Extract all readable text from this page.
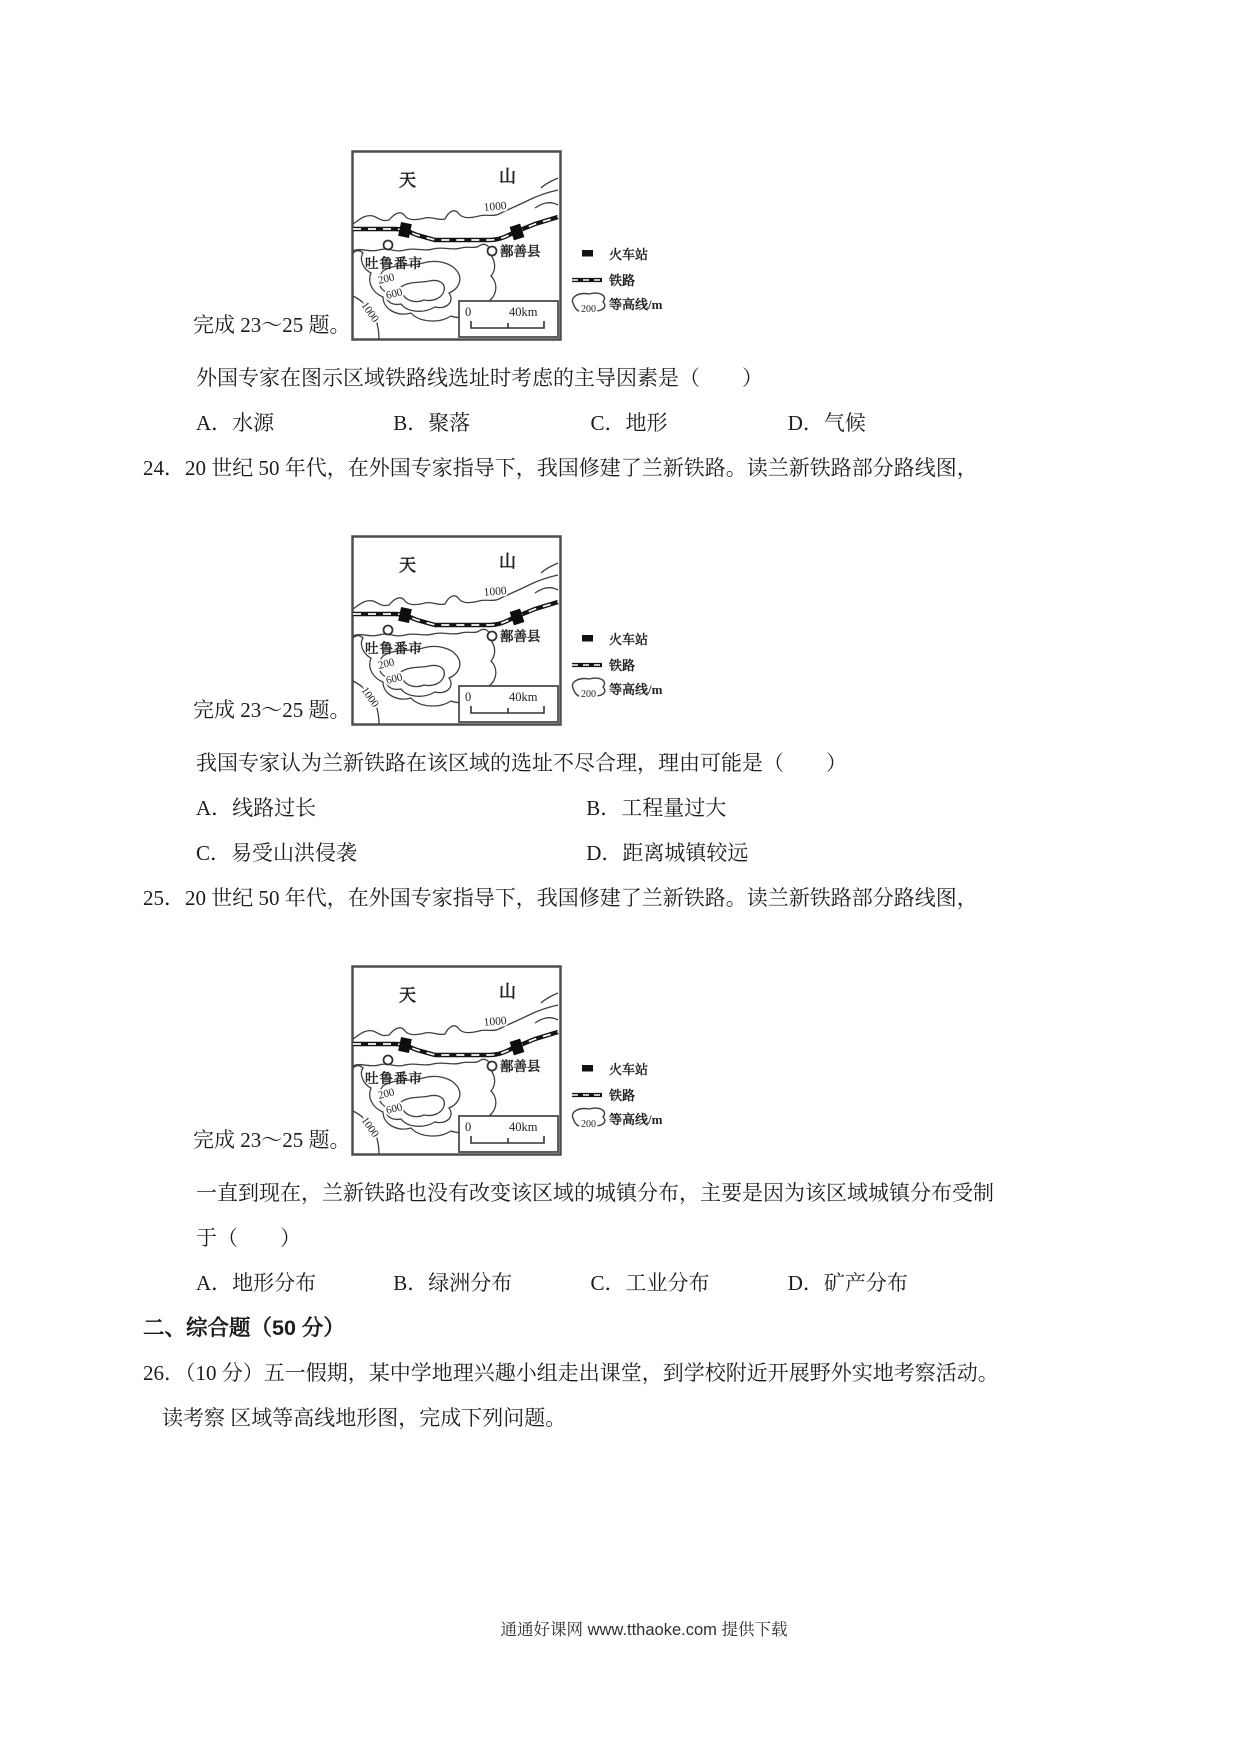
完成 23～25 题。
天	山
1000
吐鲁番市
鄯善县
200
600
1000	0	40km
火车站
铁路
200 等高线/m

外国专家在图示区域铁路线选址时考虑的主导因素是（　　）

A．水源	B．聚落	C．地形	D．气候

24．20 世纪 50 年代，在外国专家指导下，我国修建了兰新铁路。读兰新铁路部分路线图，

完成 23～25 题。
天	山
1000
吐鲁番市
鄯善县
200
600
1000	0	40km
火车站
铁路
200 等高线/m

我国专家认为兰新铁路在该区域的选址不尽合理，理由可能是（　　）

A．线路过长	B．工程量过大
C．易受山洪侵袭	D．距离城镇较远

25．20 世纪 50 年代，在外国专家指导下，我国修建了兰新铁路。读兰新铁路部分路线图，

完成 23～25 题。
天	山
1000
吐鲁番市
鄯善县
200
600
1000	0	40km
火车站
铁路
200 等高线/m

一直到现在，兰新铁路也没有改变该区域的城镇分布，主要是因为该区域城镇分布受制

于（　　）

A．地形分布	B．绿洲分布	C．工业分布	D．矿产分布
二、综合题（50 分）

26．（10 分）五一假期，某中学地理兴趣小组走出课堂，到学校附近开展野外实地考察活动。

读考察 区域等高线地形图，完成下列问题。

通通好课网 www.tthaoke.com 提供下载
